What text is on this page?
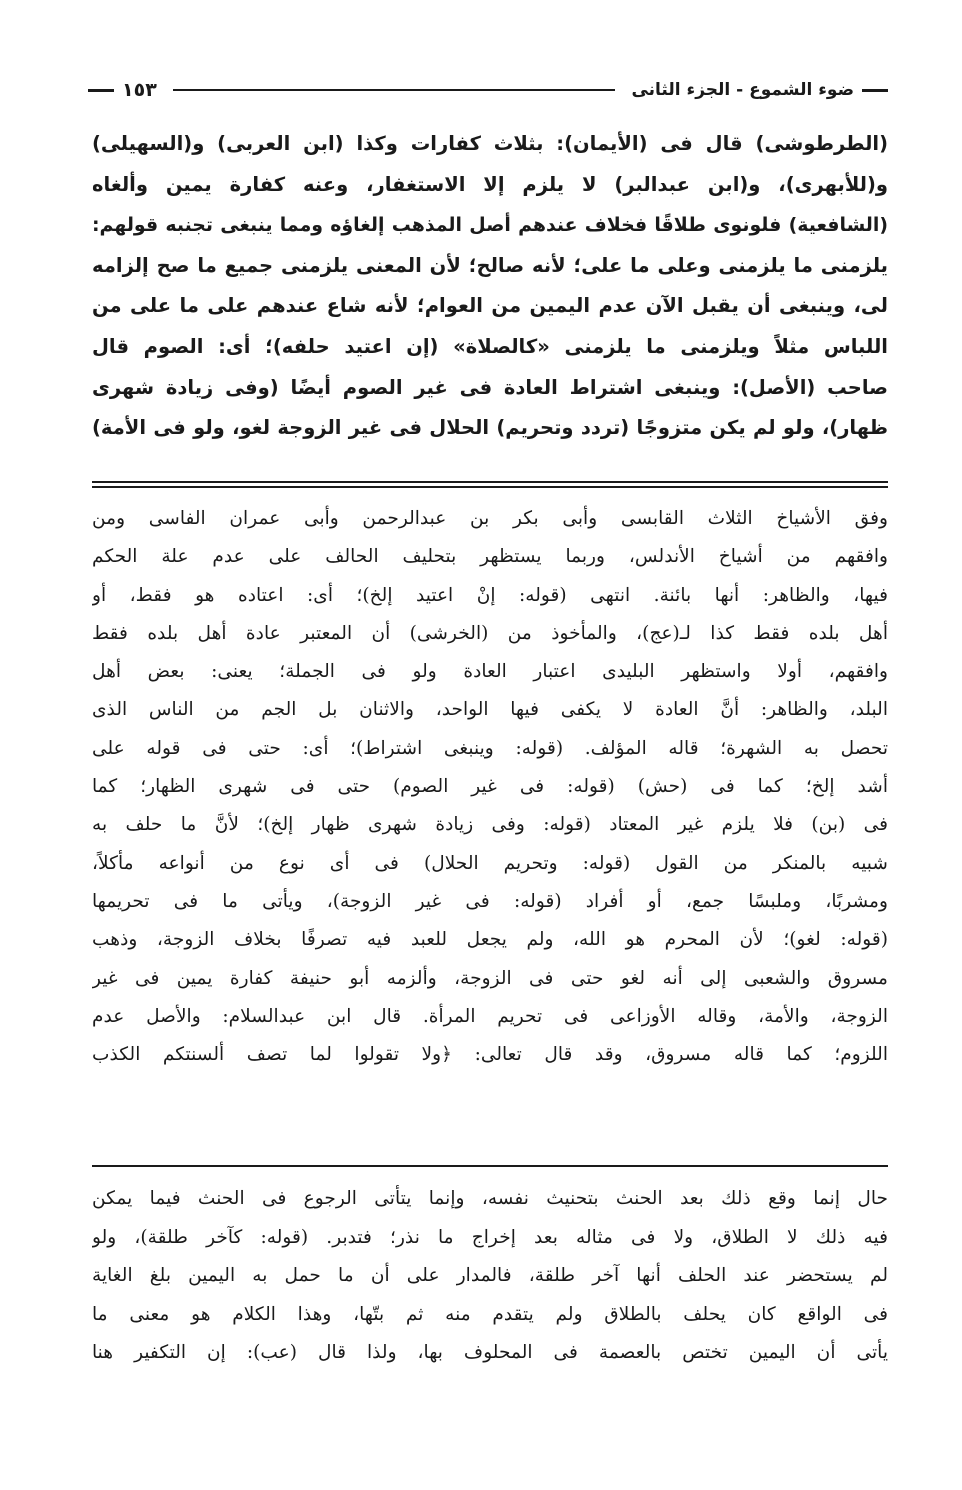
ضوء الشموع - الجزء الثانى
١٥٣
(الطرطوشى) قال فى (الأيمان): بثلاث كفارات وكذا (ابن العربى) و(السهيلى)
و(للأبهرى)، و(ابن عبدالبر) لا يلزم إلا الاستغفار، وعنه كفارة يمين وألغاه
(الشافعية) فلونوى طلاقًا فخلاف عندهم أصل المذهب إلغاؤه ومما ينبغى تجنبه قولهم:
يلزمنى ما يلزمنى وعلى ما على؛ لأنه صالح؛ لأن المعنى يلزمنى جميع ما صح إلزامه
لى، وينبغى أن يقبل الآن عدم اليمين من العوام؛ لأنه شاع عندهم على ما على من
اللباس مثلاً ويلزمنى ما يلزمنى «كالصلاة» (إن اعتيد حلفه)؛ أى: الصوم قال
صاحب (الأصل): وينبغى اشتراط العادة فى غير الصوم أيضًا (وفى زيادة شهرى
ظهار)، ولو لم يكن متزوجًا (تردد وتحريم) الحلال فى غير الزوجة لغو، ولو فى الأمة)
وفق الأشياخ الثلاث القابسى وأبى بكر بن عبدالرحمن وأبى عمران الفاسى ومن
وافقهم من أشياخ الأندلس، وربما يستظهر بتحليف الحالف على عدم علة الحكم
فيها، والظاهر: أنها بائنة. انتهى (قوله: إنْ اعتيد إلخ)؛ أى: اعتاده هو فقط، أو
أهل بلده فقط كذا لـ(عج)، والمأخوذ من (الخرشى) أن المعتبر عادة أهل بلده فقط
وافقهم، أولا واستظهر البليدى اعتبار العادة ولو فى الجملة؛ يعنى: بعض أهل
البلد، والظاهر: أنَّ العادة لا يكفى فيها الواحد، والاثنان بل الجم من الناس الذى
تحصل به الشهرة؛ قاله المؤلف. (قوله: وينبغى اشتراط)؛ أى: حتى فى قوله على
أشد إلخ؛ كما فى (حش) (قوله: فى غير الصوم) حتى فى شهرى الظهار؛ كما
فى (بن) فلا يلزم غير المعتاد (قوله: وفى زيادة شهرى ظهار إلخ)؛ لأنَّ ما حلف به
شبيه بالمنكر من القول (قوله: وتحريم الحلال) فى أى نوع من أنواعه مأكلاً،
ومشربًا، وملبسًا جمع، أو أفراد (قوله: فى غير الزوجة)، ويأتى ما فى تحريمها
(قوله: لغو)؛ لأن المحرم هو الله، ولم يجعل للعبد فيه تصرفًا بخلاف الزوجة، وذهب
مسروق والشعبى إلى أنه لغو حتى فى الزوجة، وألزمه أبو حنيفة كفارة يمين فى غير
الزوجة، والأمة، وقاله الأوزاعى فى تحريم المرأة. قال ابن عبدالسلام: والأصل عدم
اللزوم؛ كما قاله مسروق، وقد قال تعالى: ﴿ولا تقولوا لما تصف ألسنتكم الكذب
حال إنما وقع ذلك بعد الحنث بتحنيث نفسه، وإنما يتأتى الرجوع فى الحنث فيما يمكن
فيه ذلك لا الطلاق، ولا فى مثاله بعد إخراج ما نذر؛ فتدبر. (قوله: كآخر طلقة)، ولو
لم يستحضر عند الحلف أنها آخر طلقة، فالمدار على أن ما حمل به اليمين بلغ الغاية
فى الواقع كان يحلف بالطلاق ولم يتقدم منه ثم بتّها، وهذا الكلام هو معنى ما
يأتى أن اليمين تختص بالعصمة فى المحلوف بها، ولذا قال (عب): إن التكفير هنا
